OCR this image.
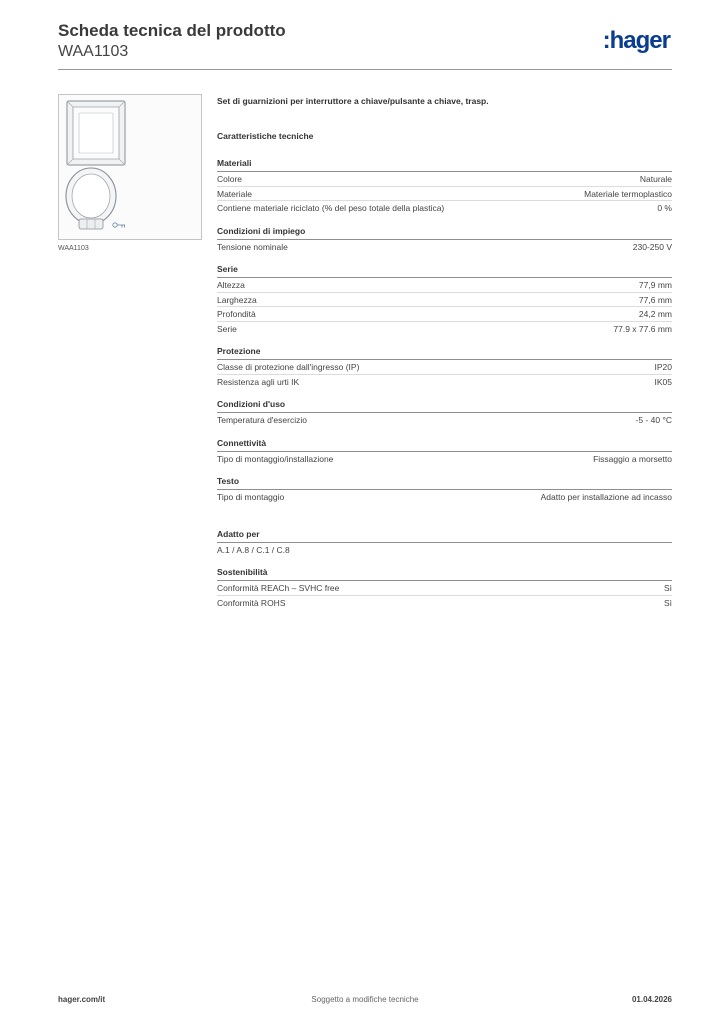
Scheda tecnica del prodotto
WAA1103	:hager
WAA1103
Set di guarnizioni per interruttore a chiave/pulsante a chiave, trasp.
Caratteristiche tecniche
Materiali
Colore	Naturale
Materiale	Materiale termoplastico
Contiene materiale riciclato (% del peso totale della plastica)	0 %
Condizioni di impiego
Tensione nominale	230-250 V
Serie
Altezza	77,9 mm
Larghezza	77,6 mm
Profondità	24,2 mm
Serie	77.9 x 77.6 mm
Protezione
Classe di protezione dall'ingresso (IP)	IP20
Resistenza agli urti IK	IK05
Condizioni d'uso
Temperatura d'esercizio	-5 - 40 °C
Connettività
Tipo di montaggio/installazione	Fissaggio a morsetto
Testo
Tipo di montaggio	Adatto per installazione ad incasso
Adatto per
A.1 / A.8 / C.1 / C.8
Sostenibilità
Conformità REACh – SVHC free	Sì
Conformità ROHS	Sì
hager.com/it	Soggetto a modifiche tecniche	01.04.2026
